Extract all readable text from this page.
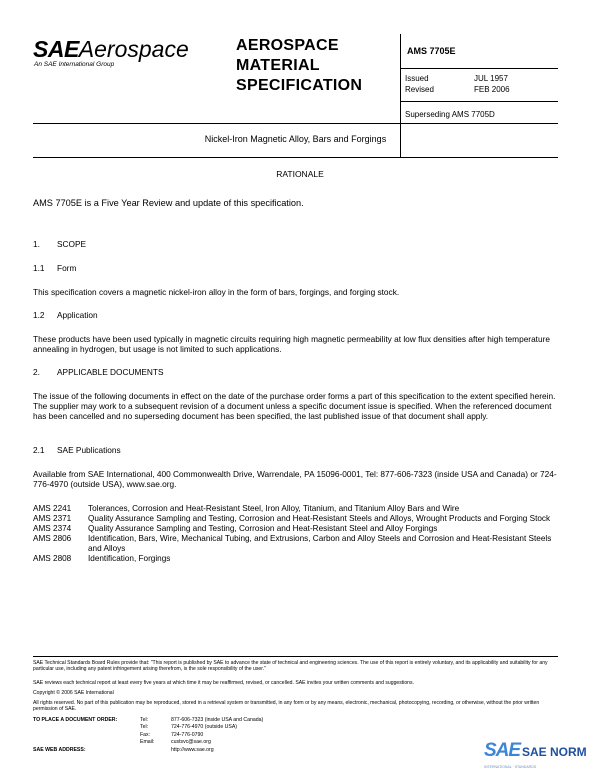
SAEAerospace
An SAE International Group
AEROSPACE
MATERIAL
SPECIFICATION
AMS 7705E
Issued	JUL 1957
Revised	FEB 2006
Superseding AMS 7705D
Nickel-Iron Magnetic Alloy, Bars and Forgings
RATIONALE
AMS 7705E is a Five Year Review and update of this specification.
1. SCOPE
1.1 Form
This specification covers a magnetic nickel-iron alloy in the form of bars, forgings, and forging stock.
1.2 Application
These products have been used typically in magnetic circuits requiring high magnetic permeability at low flux densities after high temperature annealing in hydrogen, but usage is not limited to such applications.
2. APPLICABLE DOCUMENTS
The issue of the following documents in effect on the date of the purchase order forms a part of this specification to the extent specified herein. The supplier may work to a subsequent revision of a document unless a specific document issue is specified. When the referenced document has been cancelled and no superseding document has been specified, the last published issue of that document shall apply.
2.1 SAE Publications
Available from SAE International, 400 Commonwealth Drive, Warrendale, PA 15096-0001, Tel: 877-606-7323 (inside USA and Canada) or 724-776-4970 (outside USA), www.sae.org.
AMS 2241 Tolerances, Corrosion and Heat-Resistant Steel, Iron Alloy, Titanium, and Titanium Alloy Bars and Wire
AMS 2371 Quality Assurance Sampling and Testing, Corrosion and Heat-Resistant Steels and Alloys, Wrought Products and Forging Stock
AMS 2374 Quality Assurance Sampling and Testing, Corrosion and Heat-Resistant Steel and Alloy Forgings
AMS 2806 Identification, Bars, Wire, Mechanical Tubing, and Extrusions, Carbon and Alloy Steels and Corrosion and Heat-Resistant Steels and Alloys
AMS 2808 Identification, Forgings
SAE Technical Standards Board Rules provide that: "This report is published by SAE to advance the state of technical and engineering sciences. The use of this report is entirely voluntary, and its applicability and suitability for any particular use, including any patent infringement arising therefrom, is the sole responsibility of the user."
SAE reviews each technical report at least every five years at which time it may be reaffirmed, revised, or cancelled. SAE invites your written comments and suggestions.
Copyright © 2006 SAE International
All rights reserved. No part of this publication may be reproduced, stored in a retrieval system or transmitted, in any form or by any means, electronic, mechanical, photocopying, recording, or otherwise, without the prior written permission of SAE.
TO PLACE A DOCUMENT ORDER:	Tel:	877-606-7323 (inside USA and Canada)
Tel:	724-776-4970 (outside USA)
Fax:	724-776-0790
Email:	custsvc@sae.org
SAE WEB ADDRESS:	http://www.sae.org	SAE SAE NORM
INTERNATIONAL · STANDARDS
